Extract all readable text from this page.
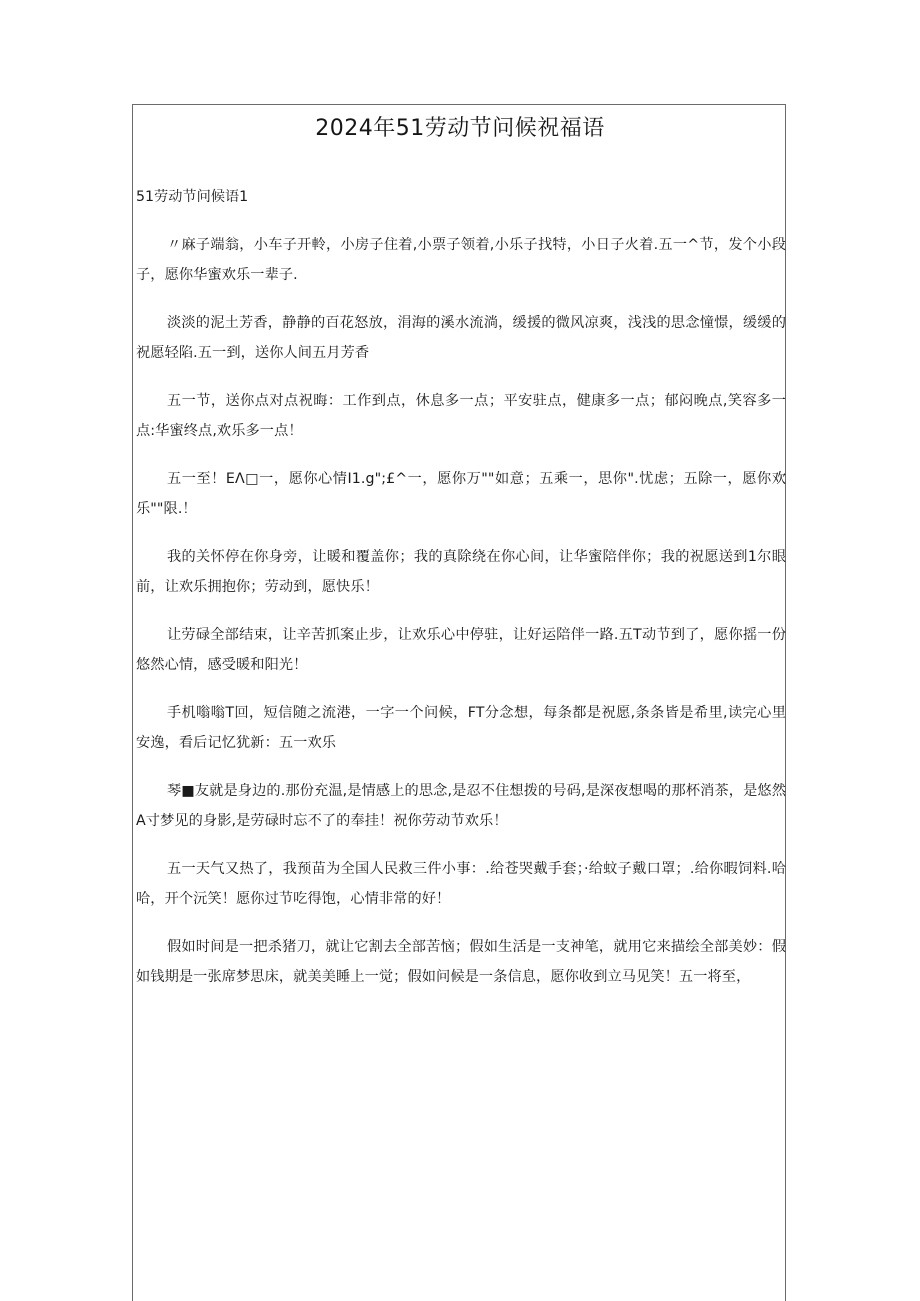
2024年51劳动节问候祝福语
51劳动节问候语1

〃麻子端翁，小车子开軨，小房子住着,小票子领着,小乐子找特，小日子火着.五一^节，发个小段子，愿你华蜜欢乐一辈子.

淡淡的泥土芳香，静静的百花怒放，涓海的溪水流淌，缓援的微风凉爽，浅浅的思念憧憬，缓缓的祝愿轻陷.五一到，送你人间五月芳香

五一节，送你点对点祝晦：工作到点，休息多一点；平安驻点，健康多一点；郁闷晚点,笑容多一点:华蜜终点,欢乐多一点！

五一至！EΛ□一，愿你心情Ι1.g";£^一，愿你万""如意；五乘一，思你".忧虑；五除一，愿你欢乐""限.！

我的关怀停在你身旁，让暖和覆盖你；我的真除绕在你心间，让华蜜陪伴你；我的祝愿送到1尔眼前，让欢乐拥抱你；劳动到，愿快乐！

让劳碌全部结束，让辛苦抓案止步，让欢乐心中停驻，让好运陪伴一路.五T动节到了，愿你摇一份悠然心情，感受暖和阳光！

手机嗡嗡T回，短信随之流港，一字一个问候，FT分念想，每条都是祝愿,条条皆是希里,读完心里安逸，看后记忆犹新：五一欢乐

琴■友就是身边的.那份充温,是情感上的思念,是忍不住想拨的号码,是深夜想喝的那杯消茶，是悠然A寸梦见的身影,是劳碌时忘不了的奉挂！祝你劳动节欢乐！

五一天气又热了，我预苗为全国人民救三件小事：.给苍哭戴手套；·给蚊子戴口罩；.给你暇饲料.哈哈，开个沅笑！愿你过节吃得饱，心情非常的好！

假如时间是一把杀猪刀，就让它割去全部苦恼；假如生活是一支神笔，就用它来描绘全部美妙：假如钱期是一张席梦思床，就美美睡上一觉；假如问候是一条信息，愿你收到立马见笑！五一将至，
